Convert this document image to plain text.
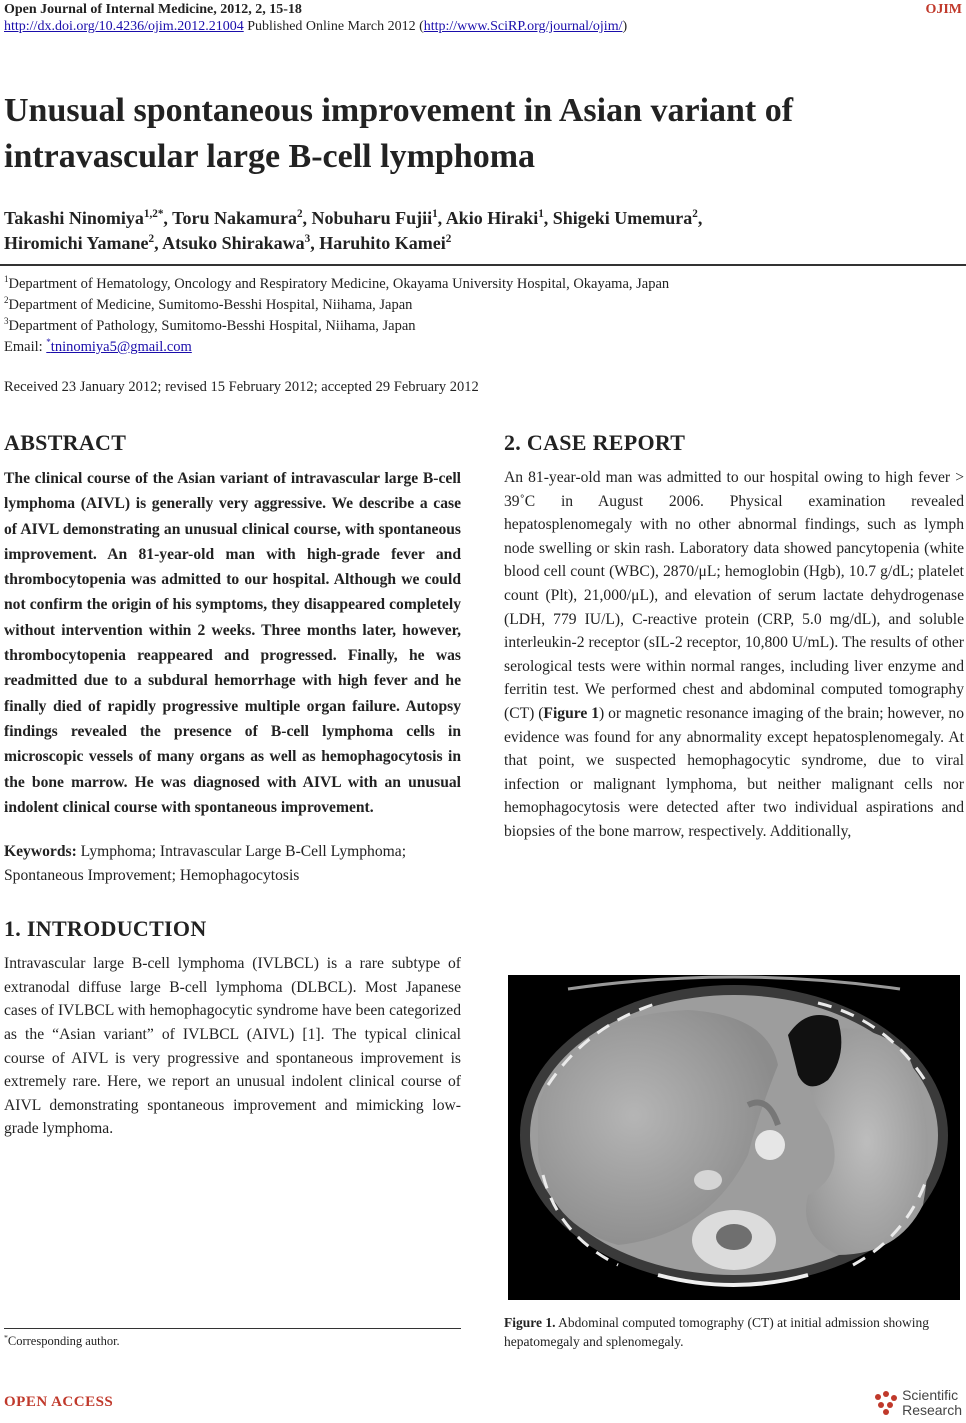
Open Journal of Internal Medicine, 2012, 2, 15-18	OJIM
http://dx.doi.org/10.4236/ojim.2012.21004 Published Online March 2012 (http://www.SciRP.org/journal/ojim/)
Unusual spontaneous improvement in Asian variant of intravascular large B-cell lymphoma
Takashi Ninomiya$^{1,2*}$, Toru Nakamura$^2$, Nobuharu Fujii$^1$, Akio Hiraki$^1$, Shigeki Umemura$^2$,
Hiromichi Yamane$^2$, Atsuko Shirakawa$^3$, Haruhito Kamei$^2$
$^1$Department of Hematology, Oncology and Respiratory Medicine, Okayama University Hospital, Okayama, Japan
$^2$Department of Medicine, Sumitomo-Besshi Hospital, Niihama, Japan
$^3$Department of Pathology, Sumitomo-Besshi Hospital, Niihama, Japan
Email: *tninomiya5@gmail.com
Received 23 January 2012; revised 15 February 2012; accepted 29 February 2012
ABSTRACT

The clinical course of the Asian variant of intravascular large B-cell lymphoma (AIVL) is generally very aggressive. We describe a case of AIVL demonstrating an unusual clinical course, with spontaneous improvement. An 81-year-old man with high-grade fever and thrombocytopenia was admitted to our hospital. Although we could not confirm the origin of his symptoms, they disappeared completely without intervention within 2 weeks. Three months later, however, thrombocytopenia reappeared and progressed. Finally, he was readmitted due to a subdural hemorrhage with high fever and he finally died of rapidly progressive multiple organ failure. Autopsy findings revealed the presence of B-cell lymphoma cells in microscopic vessels of many organs as well as hemophagocytosis in the bone marrow. He was diagnosed with AIVL with an unusual indolent clinical course with spontaneous improvement.

Keywords: Lymphoma; Intravascular Large B-Cell Lymphoma; Spontaneous Improvement; Hemophagocytosis

1. INTRODUCTION

Intravascular large B-cell lymphoma (IVLBCL) is a rare subtype of extranodal diffuse large B-cell lymphoma (DLBCL). Most Japanese cases of IVLBCL with hemophagocytic syndrome have been categorized as the “Asian variant” of IVLBCL (AIVL) [1]. The typical clinical course of AIVL is very progressive and spontaneous improvement is extremely rare. Here, we report an unusual indolent clinical course of AIVL demonstrating spontaneous improvement and mimicking low-grade lymphoma.

2. CASE REPORT

An 81-year-old man was admitted to our hospital owing to high fever > 39˚C in August 2006. Physical examination revealed hepatosplenomegaly with no other abnormal findings, such as lymph node swelling or skin rash. Laboratory data showed pancytopenia (white blood cell count (WBC), 2870/μL; hemoglobin (Hgb), 10.7 g/dL; platelet count (Plt), 21,000/μL), and elevation of serum lactate dehydrogenase (LDH, 779 IU/L), C-reactive protein (CRP, 5.0 mg/dL), and soluble interleukin-2 receptor (sIL-2 receptor, 10,800 U/mL). The results of other serological tests were within normal ranges, including liver enzyme and ferritin test. We performed chest and abdominal computed tomography (CT) (Figure 1) or magnetic resonance imaging of the brain; however, no evidence was found for any abnormality except hepatosplenomegaly. At that point, we suspected hemophagocytic syndrome, due to viral infection or malignant lymphoma, but neither malignant cells nor hemophagocytosis were detected after two individual aspirations and biopsies of the bone marrow, respectively. Additionally,

Figure 1. Abdominal computed tomography (CT) at initial admission showing hepatomegaly and splenomegaly.

*Corresponding author.
OPEN ACCESS	Scientific
Research
